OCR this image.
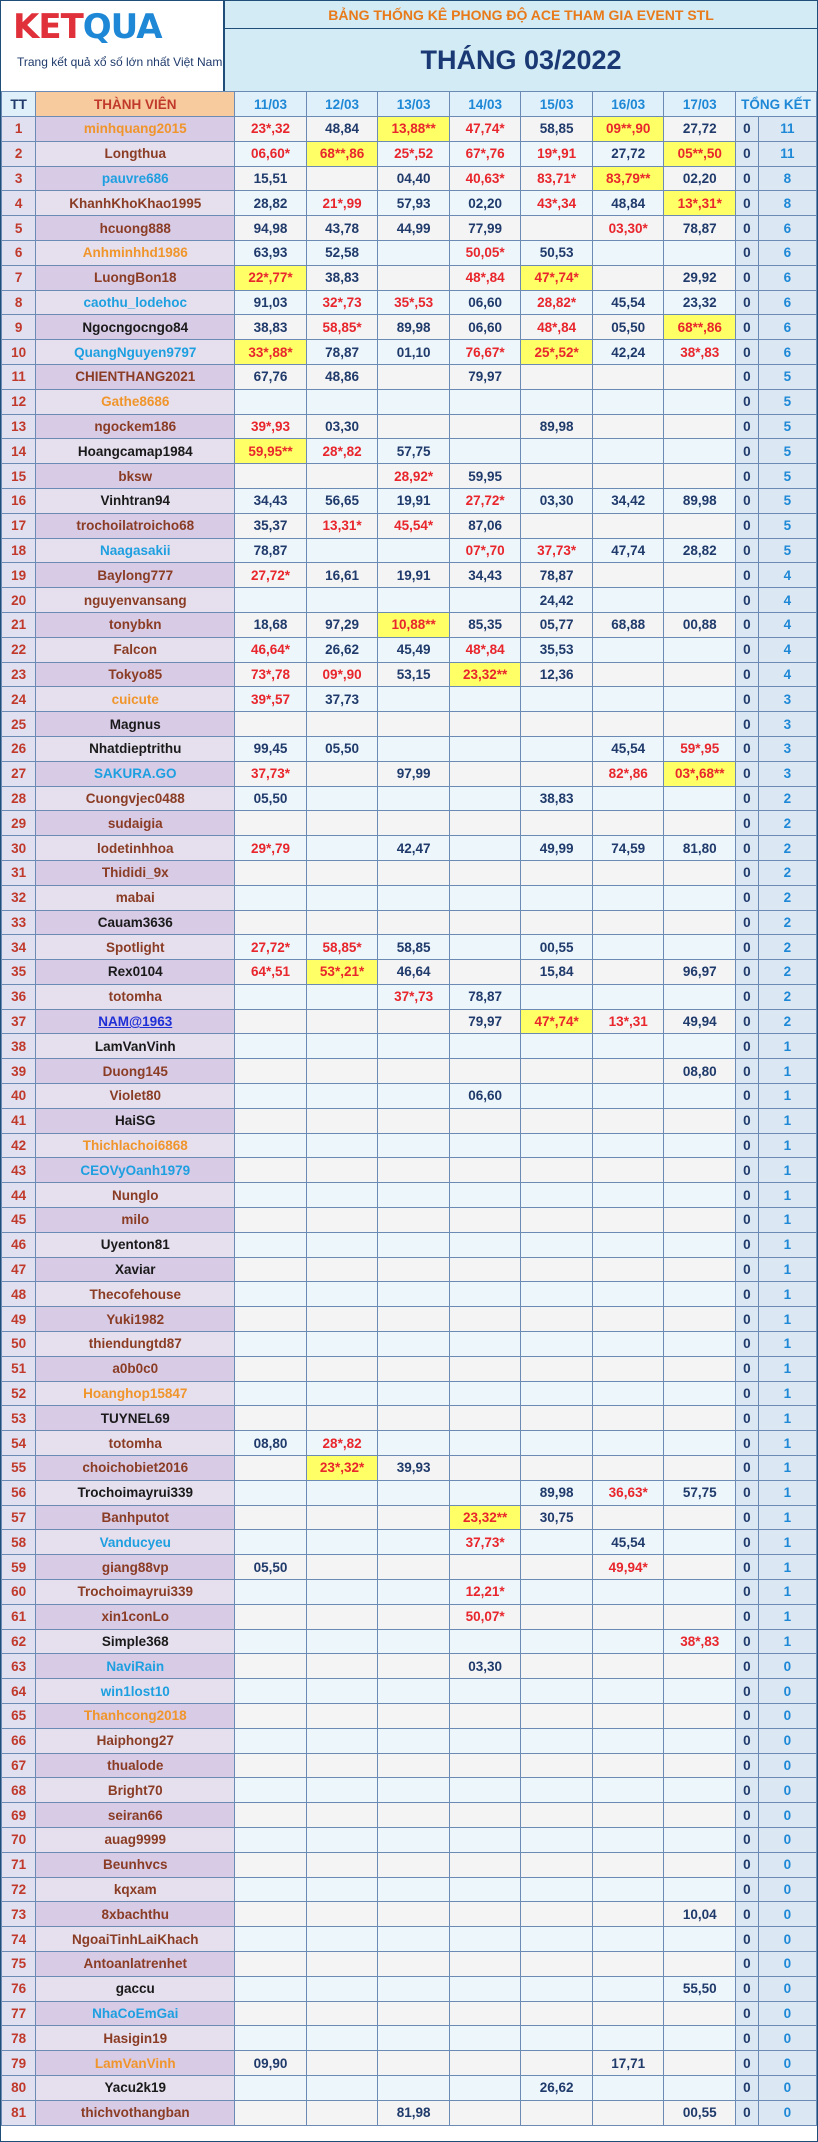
KETQUA
Trang kết quả xổ số lớn nhất Việt Nam
BẢNG THỐNG KÊ PHONG ĐỘ ACE THAM GIA EVENT STL
THÁNG 03/2022
TT	THÀNH VIÊN	11/03	12/03	13/03	14/03	15/03	16/03	17/03	TỔNG KẾT	
1	minhquang2015	23*,32	48,84	13,88**	47,74*	58,85	09**,90	27,72	0	11
2	Longthua	06,60*	68**,86	25*,52	67*,76	19*,91	27,72	05**,50	0	11
3	pauvre686	15,51		04,40	40,63*	83,71*	83,79**	02,20	0	8
4	KhanhKhoKhao1995	28,82	21*,99	57,93	02,20	43*,34	48,84	13*,31*	0	8
5	hcuong888	94,98	43,78	44,99	77,99		03,30*	78,87	0	6
6	Anhminhhd1986	63,93	52,58		50,05*	50,53			0	6
7	LuongBon18	22*,77*	38,83		48*,84	47*,74*		29,92	0	6
8	caothu_lodehoc	91,03	32*,73	35*,53	06,60	28,82*	45,54	23,32	0	6
9	Ngocngocngo84	38,83	58,85*	89,98	06,60	48*,84	05,50	68**,86	0	6
10	QuangNguyen9797	33*,88*	78,87	01,10	76,67*	25*,52*	42,24	38*,83	0	6
11	CHIENTHANG2021	67,76	48,86		79,97				0	5
12	Gathe8686								0	5
13	ngockem186	39*,93	03,30			89,98			0	5
14	Hoangcamap1984	59,95**	28*,82	57,75					0	5
15	bksw			28,92*	59,95				0	5
16	Vinhtran94	34,43	56,65	19,91	27,72*	03,30	34,42	89,98	0	5
17	trochoilatroicho68	35,37	13,31*	45,54*	87,06				0	5
18	Naagasakii	78,87			07*,70	37,73*	47,74	28,82	0	5
19	Baylong777	27,72*	16,61	19,91	34,43	78,87			0	4
20	nguyenvansang					24,42			0	4
21	tonybkn	18,68	97,29	10,88**	85,35	05,77	68,88	00,88	0	4
22	Falcon	46,64*	26,62	45,49	48*,84	35,53			0	4
23	Tokyo85	73*,78	09*,90	53,15	23,32**	12,36			0	4
24	cuicute	39*,57	37,73						0	3
25	Magnus								0	3
26	Nhatdieptrithu	99,45	05,50				45,54	59*,95	0	3
27	SAKURA.GO	37,73*		97,99			82*,86	03*,68**	0	3
28	Cuongvjec0488	05,50				38,83			0	2
29	sudaigia								0	2
30	lodetinhhoa	29*,79		42,47		49,99	74,59	81,80	0	2
31	Thididi_9x								0	2
32	mabai								0	2
33	Cauam3636								0	2
34	Spotlight	27,72*	58,85*	58,85		00,55			0	2
35	Rex0104	64*,51	53*,21*	46,64		15,84		96,97	0	2
36	totomha			37*,73	78,87				0	2
37	NAM@1963				79,97	47*,74*	13*,31	49,94	0	2
38	LamVanVinh								0	1
39	Duong145							08,80	0	1
40	Violet80				06,60				0	1
41	HaiSG								0	1
42	Thichlachoi6868								0	1
43	CEOVyOanh1979								0	1
44	Nunglo								0	1
45	milo								0	1
46	Uyenton81								0	1
47	Xaviar								0	1
48	Thecofehouse								0	1
49	Yuki1982								0	1
50	thiendungtd87								0	1
51	a0b0c0								0	1
52	Hoanghop15847								0	1
53	TUYNEL69								0	1
54	totomha	08,80	28*,82						0	1
55	choichobiet2016		23*,32*	39,93					0	1
56	Trochoimayrui339					89,98	36,63*	57,75	0	1
57	Banhputot				23,32**	30,75			0	1
58	Vanducyeu				37,73*		45,54		0	1
59	giang88vp	05,50					49,94*		0	1
60	Trochoimayrui339				12,21*				0	1
61	xin1conLo				50,07*				0	1
62	Simple368							38*,83	0	1
63	NaviRain				03,30				0	0
64	win1lost10								0	0
65	Thanhcong2018								0	0
66	Haiphong27								0	0
67	thualode								0	0
68	Bright70								0	0
69	seiran66								0	0
70	auag9999								0	0
71	Beunhvcs								0	0
72	kqxam								0	0
73	8xbachthu							10,04	0	0
74	NgoaiTinhLaiKhach								0	0
75	Antoanlatrenhet								0	0
76	gaccu							55,50	0	0
77	NhaCoEmGai								0	0
78	Hasigin19								0	0
79	LamVanVinh	09,90					17,71		0	0
80	Yacu2k19					26,62			0	0
81	thichvothangban			81,98				00,55	0	0
